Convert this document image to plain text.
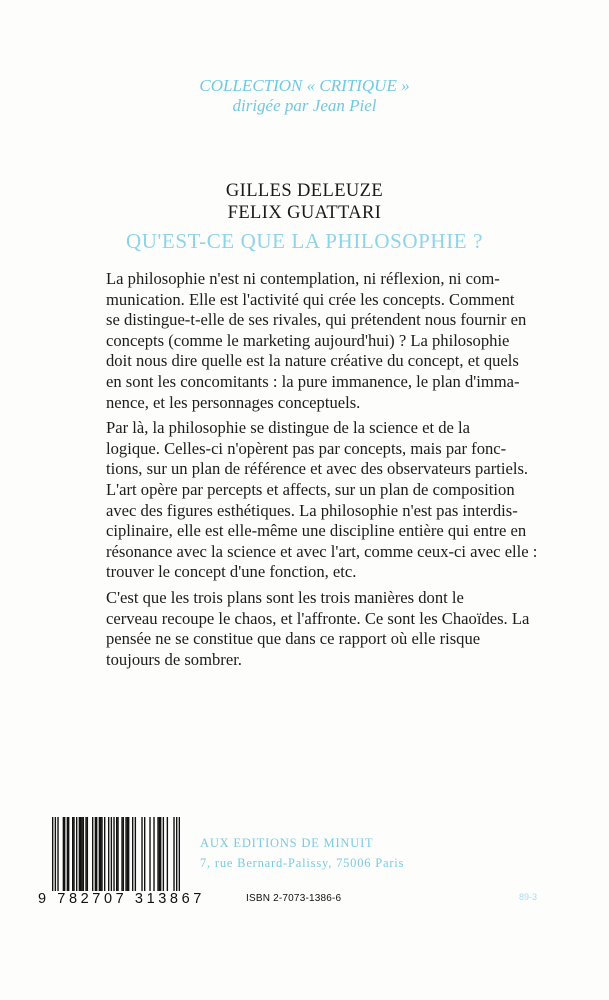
COLLECTION « CRITIQUE »
dirigée par Jean Piel
GILLES DELEUZE
FELIX GUATTARI
QU'EST-CE QUE LA PHILOSOPHIE ?

La philosophie n'est ni contemplation, ni réflexion, ni com-
munication. Elle est l'activité qui crée les concepts. Comment
se distingue-t-elle de ses rivales, qui prétendent nous fournir en
concepts (comme le marketing aujourd'hui) ? La philosophie
doit nous dire quelle est la nature créative du concept, et quels
en sont les concomitants : la pure immanence, le plan d'imma-
nence, et les personnages conceptuels.

Par là, la philosophie se distingue de la science et de la
logique. Celles-ci n'opèrent pas par concepts, mais par fonc-
tions, sur un plan de référence et avec des observateurs partiels.
L'art opère par percepts et affects, sur un plan de composition
avec des figures esthétiques. La philosophie n'est pas interdis-
ciplinaire, elle est elle-même une discipline entière qui entre en
résonance avec la science et avec l'art, comme ceux-ci avec elle :
trouver le concept d'une fonction, etc.

C'est que les trois plans sont les trois manières dont le
cerveau recoupe le chaos, et l'affronte. Ce sont les Chaoïdes. La
pensée ne se constitue que dans ce rapport où elle risque
toujours de sombrer.

9 782707 313867
AUX EDITIONS DE MINUIT
7, rue Bernard-Palissy, 75006 Paris
ISBN 2-7073-1386-6	89-3
